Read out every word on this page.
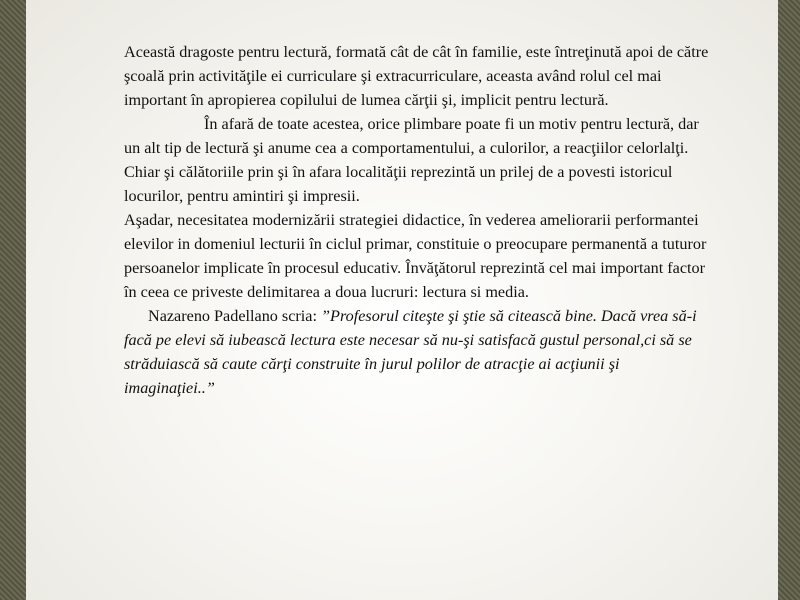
Această dragoste pentru lectură, formată cât de cât în familie, este întreţinută apoi de către şcoală prin activităţile ei curriculare şi extracurriculare, aceasta având rolul cel mai important în apropierea copilului de lumea cărţii şi, implicit pentru lectură.

În afară de toate acestea, orice plimbare poate fi un motiv pentru lectură, dar un alt tip de lectură şi anume cea a comportamentului, a culorilor, a reacţiilor celorlalţi. Chiar şi călătoriile prin şi în afara localităţii reprezintă un prilej de a povesti istoricul locurilor, pentru amintiri şi impresii.

Aşadar, necesitatea modernizării strategiei didactice, în vederea ameliorarii performantei elevilor in domeniul lecturii în ciclul primar, constituie o preocupare permanentă a tuturor persoanelor implicate în procesul educativ. Învăţătorul reprezintă cel mai important factor în ceea ce priveste delimitarea a doua lucruri: lectura si media.

Nazareno Padellano scria: ”Profesorul citeşte şi ştie să citească bine. Dacă vrea să-i facă pe elevi să iubească lectura este necesar să nu-şi satisfacă gustul personal,ci să se străduiască să caute cărţi construite în jurul polilor de atracţie ai acţiunii şi imaginaţiei..”
